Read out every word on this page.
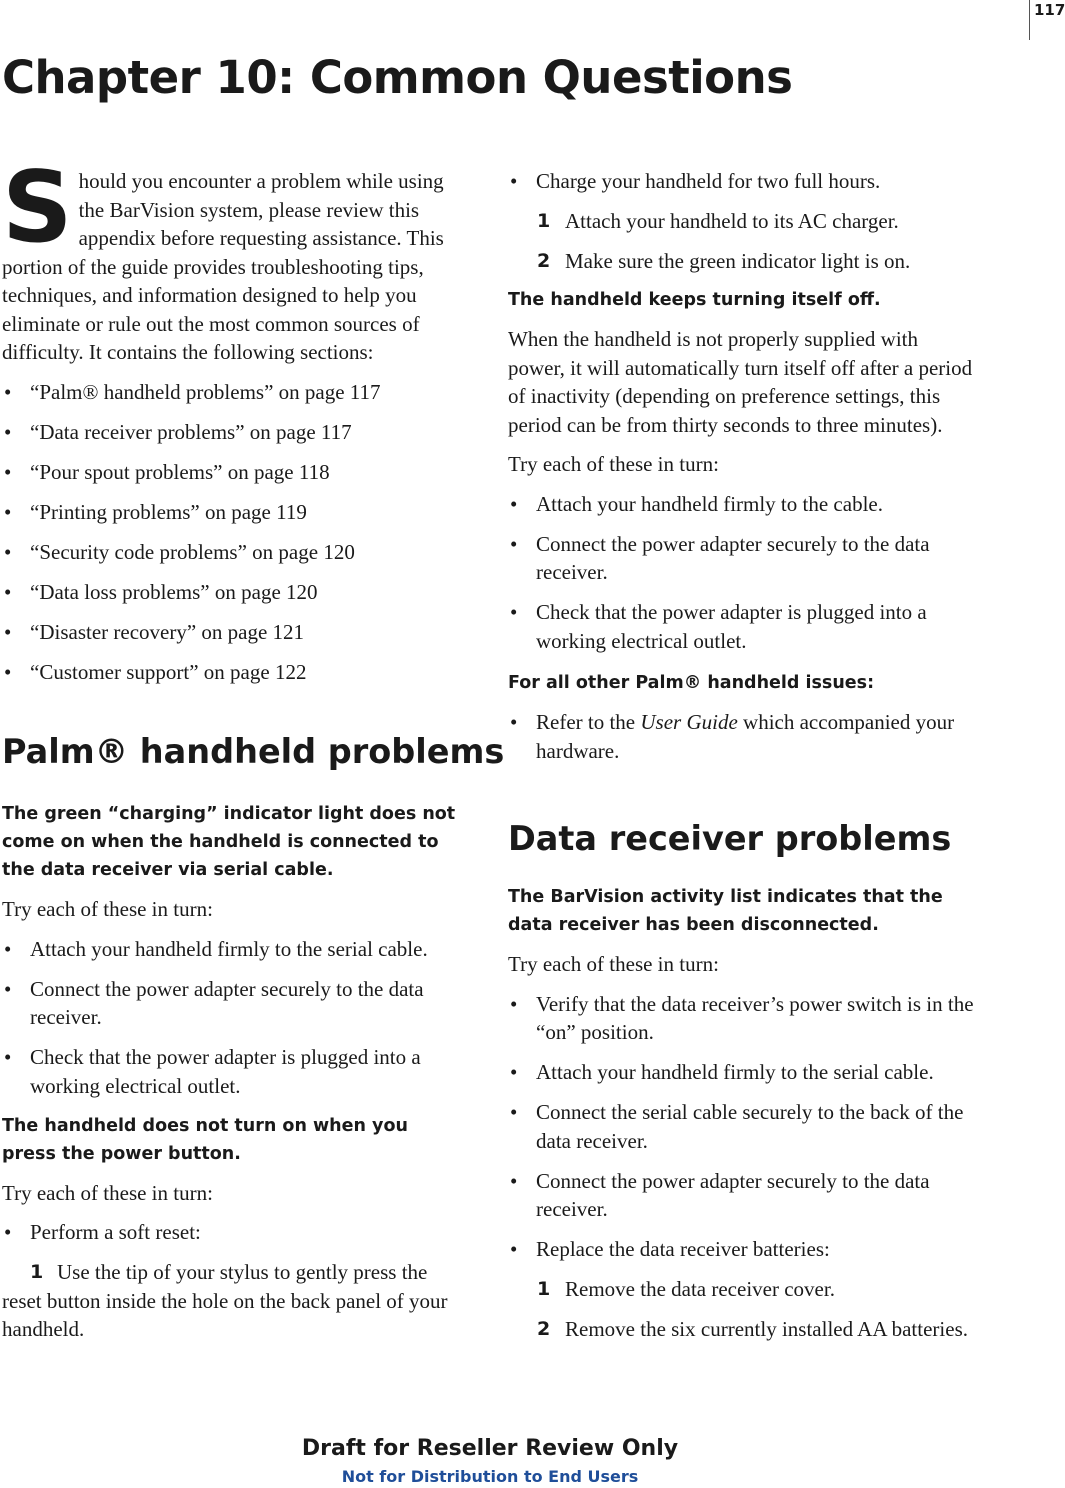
117
Chapter 10: Common Questions
S hould you encounter a problem while using the BarVision system, please review this appendix before requesting assistance. This portion of the guide provides troubleshooting tips, techniques, and information designed to help you eliminate or rule out the most common sources of difficulty. It contains the following sections:
• “Palm® handheld problems” on page 117
• “Data receiver problems” on page 117
• “Pour spout problems” on page 118
• “Printing problems” on page 119
• “Security code problems” on page 120
• “Data loss problems” on page 120
• “Disaster recovery” on page 121
• “Customer support” on page 122
Palm® handheld problems
The green “charging” indicator light does not come on when the handheld is connected to the data receiver via serial cable.

Try each of these in turn:

• Attach your handheld firmly to the serial cable.
• Connect the power adapter securely to the data receiver.
• Check that the power adapter is plugged into a working electrical outlet.
The handheld does not turn on when you press the power button.

Try each of these in turn:

• Perform a soft reset:
1 Use the tip of your stylus to gently press the reset button inside the hole on the back panel of your handheld.
• Charge your handheld for two full hours.
1 Attach your handheld to its AC charger.
2 Make sure the green indicator light is on.
The handheld keeps turning itself off.

When the handheld is not properly supplied with power, it will automatically turn itself off after a period of inactivity (depending on preference settings, this period can be from thirty seconds to three minutes).

Try each of these in turn:

• Attach your handheld firmly to the cable.
• Connect the power adapter securely to the data receiver.
• Check that the power adapter is plugged into a working electrical outlet.
For all other Palm® handheld issues:
• Refer to the User Guide which accompanied your hardware.
Data receiver problems
The BarVision activity list indicates that the data receiver has been disconnected.

Try each of these in turn:

• Verify that the data receiver’s power switch is in the “on” position.
• Attach your handheld firmly to the serial cable.
• Connect the serial cable securely to the back of the data receiver.
• Connect the power adapter securely to the data receiver.
• Replace the data receiver batteries:
1 Remove the data receiver cover.
2 Remove the six currently installed AA batteries.
Draft for Reseller Review Only
Not for Distribution to End Users
